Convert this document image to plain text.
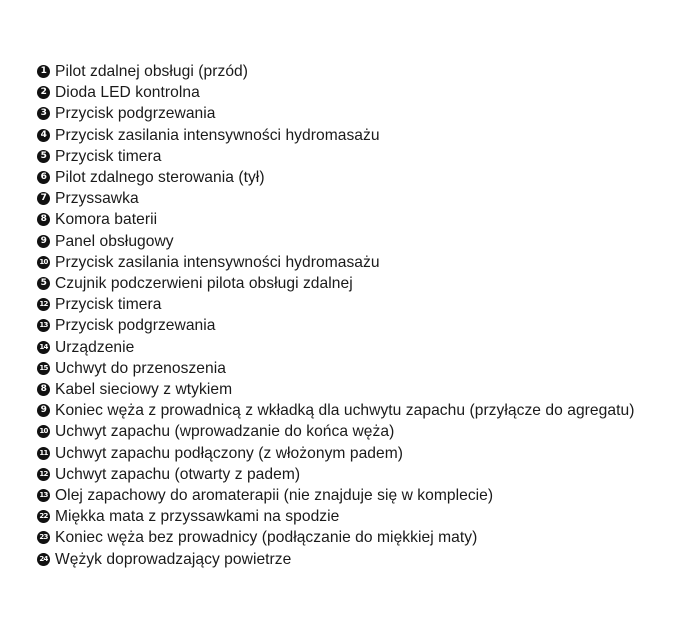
1 Pilot zdalnej obsługi (przód)
2 Dioda LED kontrolna
3 Przycisk podgrzewania
4 Przycisk zasilania intensywności hydromasażu
5 Przycisk timera
6 Pilot zdalnego sterowania (tył)
7 Przyssawka
8 Komora baterii
9 Panel obsługowy
10 Przycisk zasilania intensywności hydromasażu
5 Czujnik podczerwieni pilota obsługi zdalnej
12 Przycisk timera
13 Przycisk podgrzewania
14 Urządzenie
15 Uchwyt do przenoszenia
8 Kabel sieciowy z wtykiem
9 Koniec węża z prowadnicą z wkładką dla uchwytu zapachu (przyłącze do agregatu)
10 Uchwyt zapachu (wprowadzanie do końca węża)
11 Uchwyt zapachu podłączony (z włożonym padem)
12 Uchwyt zapachu (otwarty z padem)
13 Olej zapachowy do aromaterapii (nie znajduje się w komplecie)
22 Miękka mata z przyssawkami na spodzie
23 Koniec węża bez prowadnicy (podłączanie do miękkiej maty)
24 Wężyk doprowadzający powietrze
